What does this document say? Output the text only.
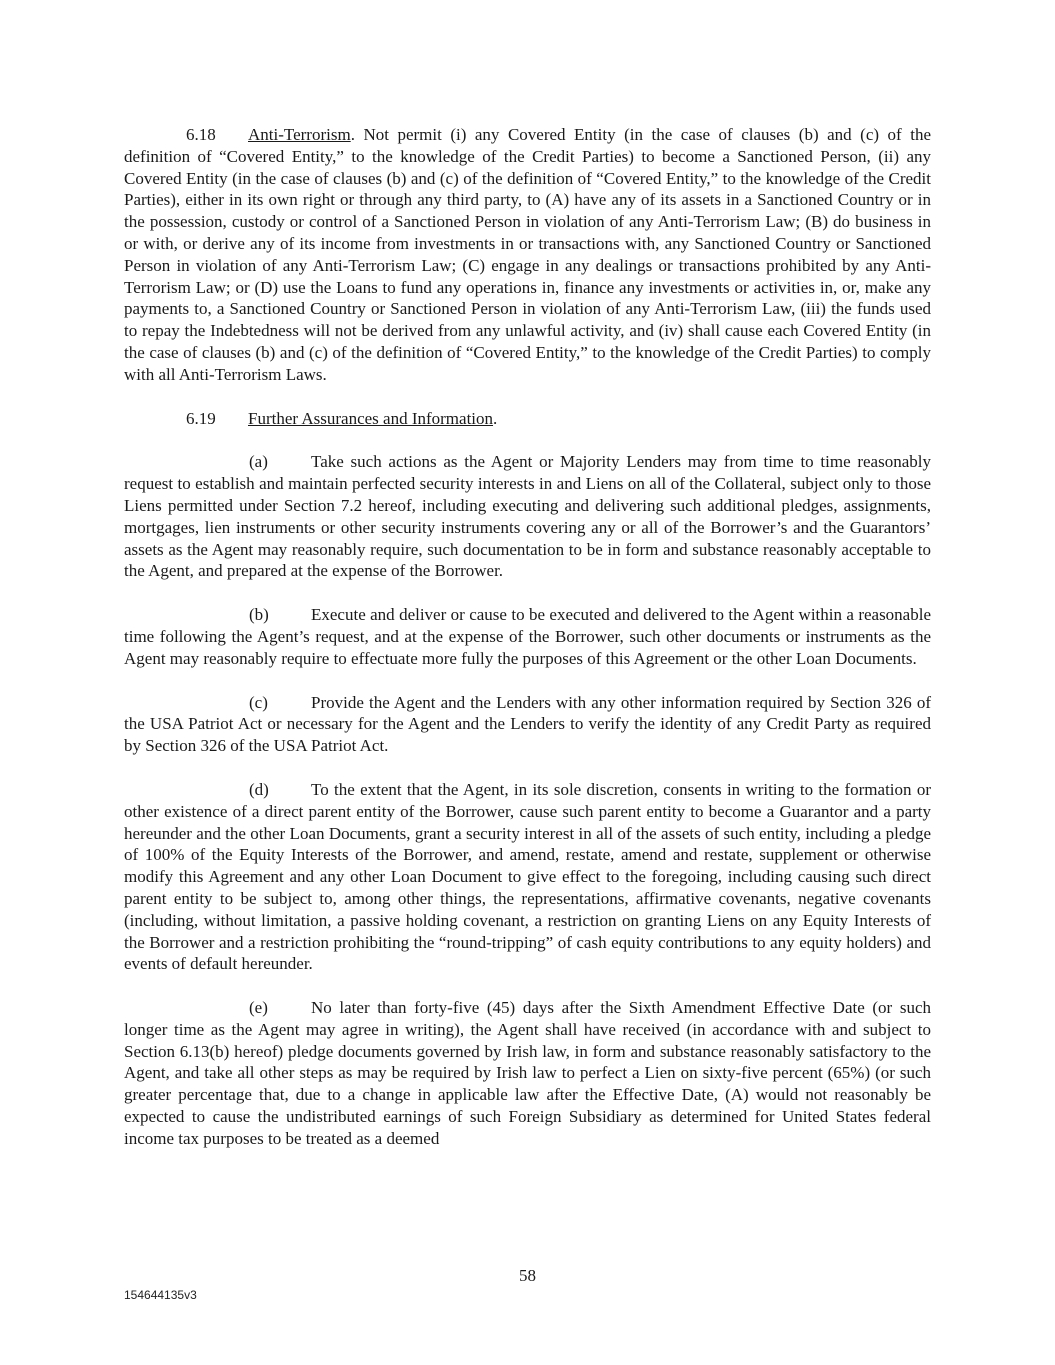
6.18 Anti-Terrorism. Not permit (i) any Covered Entity (in the case of clauses (b) and (c) of the definition of “Covered Entity,” to the knowledge of the Credit Parties) to become a Sanctioned Person, (ii) any Covered Entity (in the case of clauses (b) and (c) of the definition of “Covered Entity,” to the knowledge of the Credit Parties), either in its own right or through any third party, to (A) have any of its assets in a Sanctioned Country or in the possession, custody or control of a Sanctioned Person in violation of any Anti-Terrorism Law; (B) do business in or with, or derive any of its income from investments in or transactions with, any Sanctioned Country or Sanctioned Person in violation of any Anti-Terrorism Law; (C) engage in any dealings or transactions prohibited by any Anti-Terrorism Law; or (D) use the Loans to fund any operations in, finance any investments or activities in, or, make any payments to, a Sanctioned Country or Sanctioned Person in violation of any Anti-Terrorism Law, (iii) the funds used to repay the Indebtedness will not be derived from any unlawful activity, and (iv) shall cause each Covered Entity (in the case of clauses (b) and (c) of the definition of “Covered Entity,” to the knowledge of the Credit Parties) to comply with all Anti-Terrorism Laws.

6.19 Further Assurances and Information.

(a)	Take such actions as the Agent or Majority Lenders may from time to time reasonably request to establish and maintain perfected security interests in and Liens on all of the Collateral, subject only to those Liens permitted under Section 7.2 hereof, including executing and delivering such additional pledges, assignments, mortgages, lien instruments or other security instruments covering any or all of the Borrower’s and the Guarantors’ assets as the Agent may reasonably require, such documentation to be in form and substance reasonably acceptable to the Agent, and prepared at the expense of the Borrower.

(b) Execute and deliver or cause to be executed and delivered to the Agent within a reasonable time following the Agent’s request, and at the expense of the Borrower, such other documents or instruments as the Agent may reasonably require to effectuate more fully the purposes of this Agreement or the other Loan Documents.

(c)	Provide the Agent and the Lenders with any other information required by Section 326 of the USA Patriot Act or necessary for the Agent and the Lenders to verify the identity of any Credit Party as required by Section 326 of the USA Patriot Act.

(d) To the extent that the Agent, in its sole discretion, consents in writing to the formation or other existence of a direct parent entity of the Borrower, cause such parent entity to become a Guarantor and a party hereunder and the other Loan Documents, grant a security interest in all of the assets of such entity, including a pledge of 100% of the Equity Interests of the Borrower, and amend, restate, amend and restate, supplement or otherwise modify this Agreement and any other Loan Document to give effect to the foregoing, including causing such direct parent entity to be subject to, among other things, the representations, affirmative covenants, negative covenants (including, without limitation, a passive holding covenant, a restriction on granting Liens on any Equity Interests of the Borrower and a restriction prohibiting the “round-tripping” of cash equity contributions to any equity holders) and events of default hereunder.

(e)	No later than forty-five (45) days after the Sixth Amendment Effective Date (or such longer time as the Agent may agree in writing), the Agent shall have received (in accordance with and subject to Section 6.13(b) hereof) pledge documents governed by Irish law, in form and substance reasonably satisfactory to the Agent, and take all other steps as may be required by Irish law to perfect a Lien on sixty-five percent (65%) (or such greater percentage that, due to a change in applicable law after the Effective Date, (A) would not reasonably be expected to cause the undistributed earnings of such Foreign Subsidiary as determined for United States federal income tax purposes to be treated as a deemed

58
154644135v3
